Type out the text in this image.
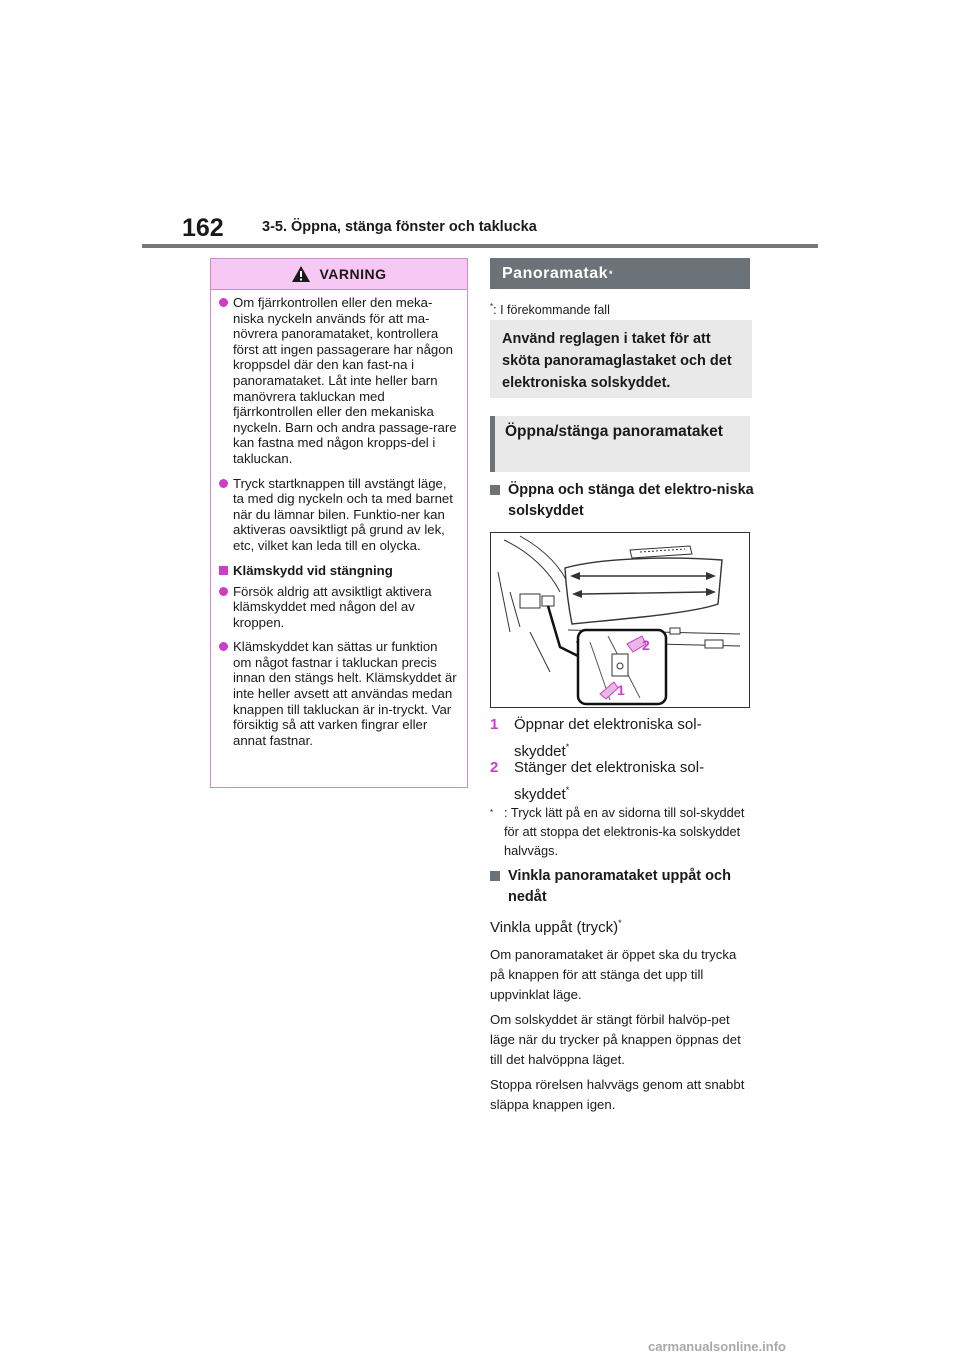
162	3-5. Öppna, stänga fönster och taklucka
VARNING
Om fjärrkontrollen eller den meka-niska nyckeln används för att ma-növrera panoramataket, kontrollera först att ingen passagerare har någon kroppsdel där den kan fast-na i panoramataket. Låt inte heller barn manövrera takluckan med fjärrkontrollen eller den mekaniska nyckeln. Barn och andra passage-rare kan fastna med någon kropps-del i takluckan.
Tryck startknappen till avstängt läge, ta med dig nyckeln och ta med barnet när du lämnar bilen. Funktio-ner kan aktiveras oavsiktligt på grund av lek, etc, vilket kan leda till en olycka.
Klämskydd vid stängning
Försök aldrig att avsiktligt aktivera klämskyddet med någon del av kroppen.
Klämskyddet kan sättas ur funktion om något fastnar i takluckan precis innan den stängs helt. Klämskyddet är inte heller avsett att användas medan knappen till takluckan är in-tryckt. Var försiktig så att varken fingrar eller annat fastnar.
Panoramatak *
*: I förekommande fall
Använd reglagen i taket för att sköta panoramaglastaket och det elektroniska solskyddet.
Öppna/stänga panoramataket
Öppna och stänga det elektro-niska solskyddet
2
1
1 Öppnar det elektroniska sol-skyddet*
2 Stänger det elektroniska sol-skyddet*
* : Tryck lätt på en av sidorna till sol-skyddet för att stoppa det elektronis-ka solskyddet halvvägs.
Vinkla panoramataket uppåt och nedåt
Vinkla uppåt (tryck)*
Om panoramataket är öppet ska du trycka på knappen för att stänga det upp till uppvinklat läge.
Om solskyddet är stängt förbil halvöp-pet läge när du trycker på knappen öppnas det till det halvöppna läget.
Stoppa rörelsen halvvägs genom att snabbt släppa knappen igen.
carmanualsonline.info
